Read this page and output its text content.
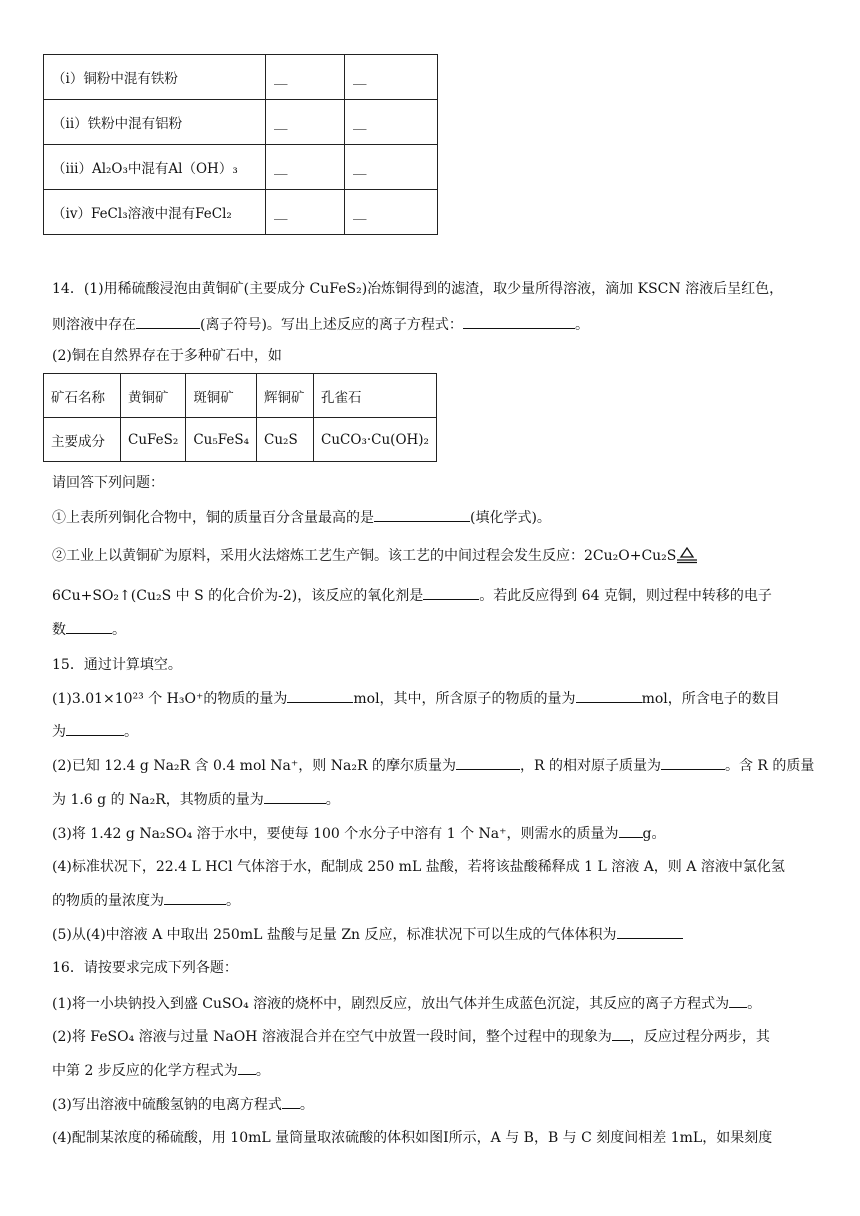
（i）铜粉中混有铁粉	＿	＿
（ii）铁粉中混有铝粉	＿	＿
（iii）Al₂O₃中混有Al（OH）₃	＿	＿
（iv）FeCl₃溶液中混有FeCl₂	＿	＿
14．(1)用稀硫酸浸泡由黄铜矿(主要成分 CuFeS₂)冶炼铜得到的滤渣，取少量所得溶液，滴加 KSCN 溶液后呈红色，
则溶液中存在	(离子符号)。写出上述反应的离子方程式：	。
(2)铜在自然界存在于多种矿石中，如
矿石名称	黄铜矿	斑铜矿	辉铜矿	孔雀石
主要成分	CuFeS₂	Cu₅FeS₄	Cu₂S	CuCO₃·Cu(OH)₂
请回答下列问题：
①上表所列铜化合物中，铜的质量百分含量最高的是	(填化学式)。
②工业上以黄铜矿为原料，采用火法熔炼工艺生产铜。该工艺的中间过程会发生反应：2Cu₂O+Cu₂S
6Cu+SO₂↑(Cu₂S 中 S 的化合价为-2)，该反应的氧化剂是	。若此反应得到 64 克铜，则过程中转移的电子
数	。
15．通过计算填空。
(1)3.01×10²³ 个 H₃O⁺的物质的量为	mol，其中，所含原子的物质的量为	mol，所含电子的数目
为	。
(2)已知 12.4 g Na₂R 含 0.4 mol Na⁺，则 Na₂R 的摩尔质量为	，R 的相对原子质量为	。含 R 的质量
为 1.6 g 的 Na₂R，其物质的量为	。
(3)将 1.42 g Na₂SO₄ 溶于水中，要使每 100 个水分子中溶有 1 个 Na⁺，则需水的质量为 g。
(4)标准状况下，22.4 L HCl 气体溶于水，配制成 250 mL 盐酸，若将该盐酸稀释成 1 L 溶液 A，则 A 溶液中氯化氢
的物质的量浓度为	。
(5)从(4)中溶液 A 中取出 250mL 盐酸与足量 Zn 反应，标准状况下可以生成的气体体积为
16．请按要求完成下列各题：
(1)将一小块钠投入到盛 CuSO₄ 溶液的烧杯中，剧烈反应，放出气体并生成蓝色沉淀，其反应的离子方程式为 。
(2)将 FeSO₄ 溶液与过量 NaOH 溶液混合并在空气中放置一段时间，整个过程中的现象为 ，反应过程分两步，其
中第 2 步反应的化学方程式为 。
(3)写出溶液中硫酸氢钠的电离方程式 。
(4)配制某浓度的稀硫酸，用 10mL 量筒量取浓硫酸的体积如图Ⅰ所示，A 与 B，B 与 C 刻度间相差 1mL，如果刻度
